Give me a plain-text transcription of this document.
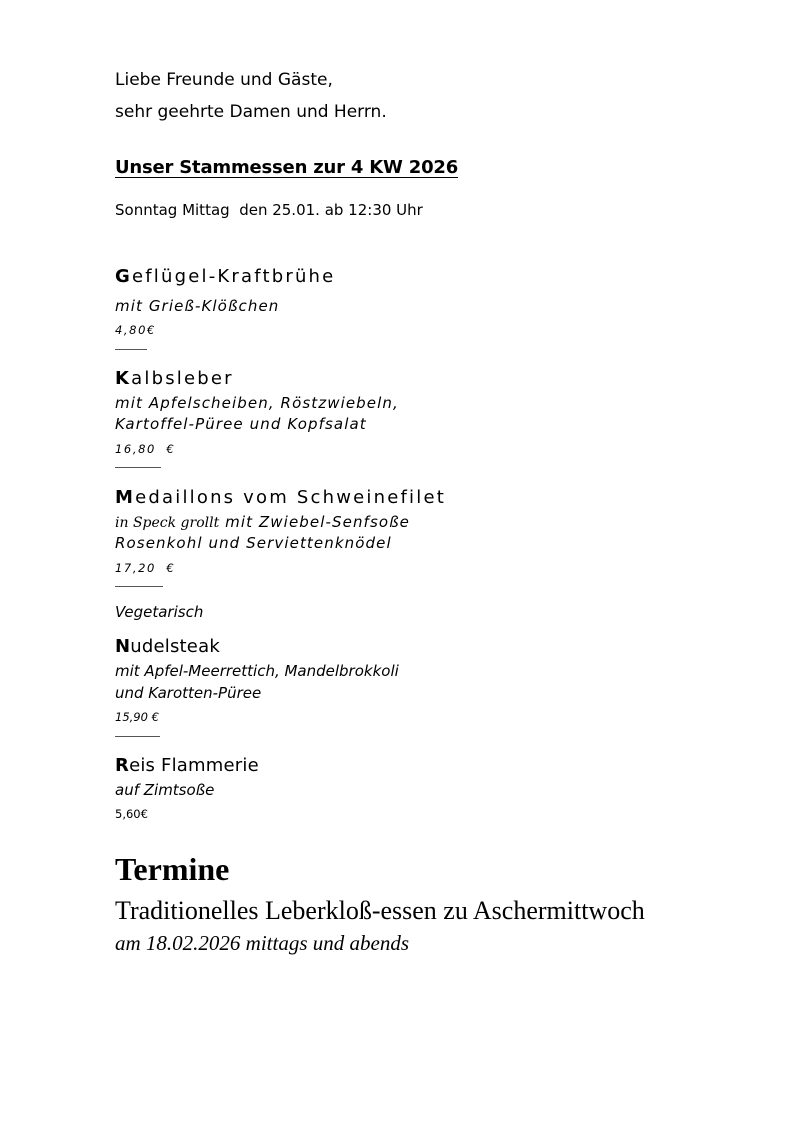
Liebe Freunde und Gäste,
sehr geehrte Damen und Herrn.
Unser Stammessen zur 4 KW 2026
Sonntag Mittag  den 25.01. ab 12:30 Uhr
Geflügel-Kraftbrühe
mit Grieß-Klößchen
4,80€
Kalbsleber
mit Apfelscheiben, Röstzwiebeln,
Kartoffel-Püree und Kopfsalat
16,80  €
Medaillons vom Schweinefilet
in Speck grollt mit Zwiebel-Senfsoße
Rosenkohl und Serviettenknödel
17,20  €
Vegetarisch
Nudelsteak
mit Apfel-Meerrettich, Mandelbrokkoli
und Karotten-Püree
15,90 €
Reis Flammerie
auf Zimtsoße
5,60€
Termine
Traditionelles Leberkloß-essen zu Aschermittwoch
am 18.02.2026 mittags und abends
